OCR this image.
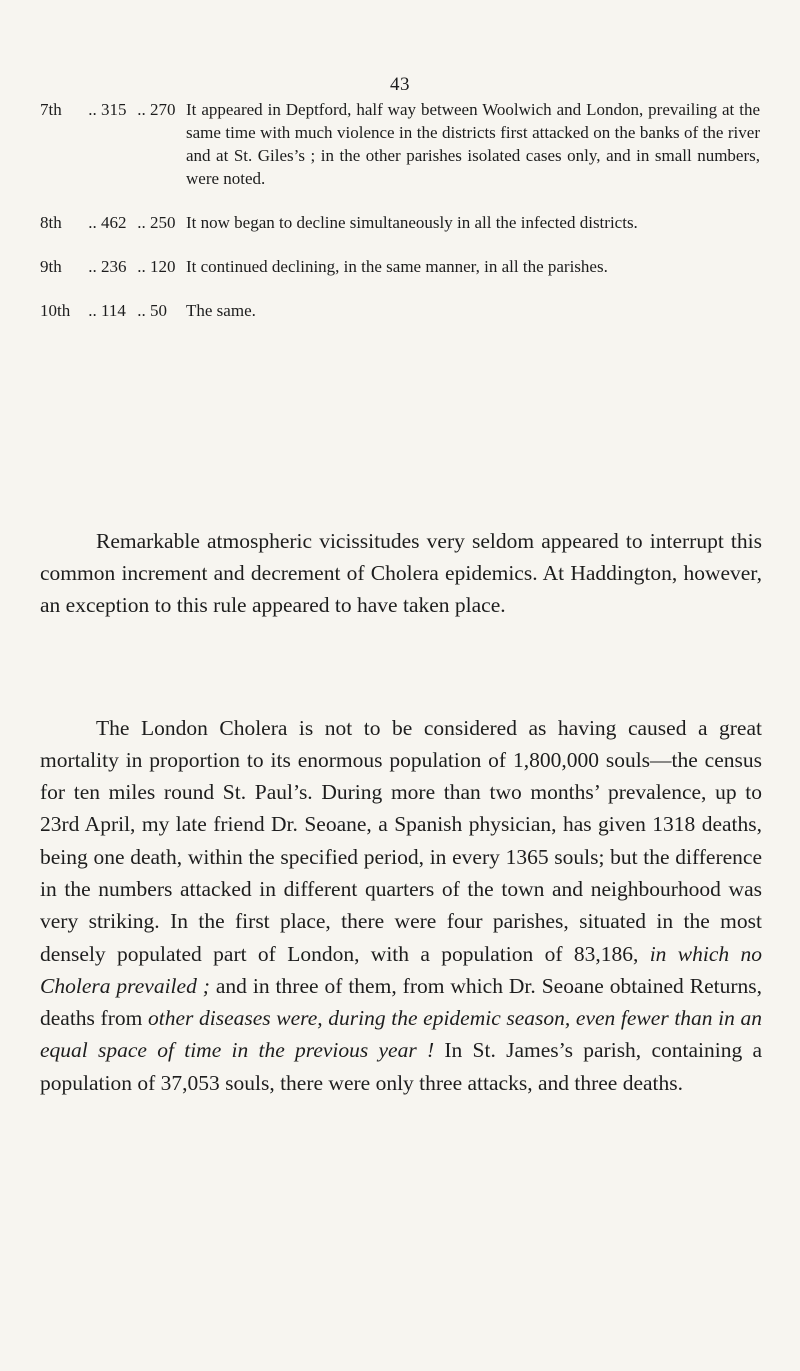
43
7th	.. 315 .. 270 It appeared in Deptford, half way between Woolwich and London, prevailing at the same time with much violence in the districts first attacked on the banks of the river and at St. Giles’s ; in the other parishes isolated cases only, and in small numbers, were noted.
8th	.. 462 .. 250 It now began to decline simultaneously in all the infected districts.
9th	.. 236 .. 120 It continued declining, in the same manner, in all the parishes.
10th .. 114 .. 50	The same.

Remarkable atmospheric vicissitudes very seldom appeared to interrupt this common increment and decrement of Cholera epidemics. At Haddington, however, an exception to this rule appeared to have taken place.

The London Cholera is not to be considered as having caused a great mortality in proportion to its enormous population of 1,800,000 souls—the census for ten miles round St. Paul’s. During more than two months’ prevalence, up to 23rd April, my late friend Dr. Seoane, a Spanish physician, has given 1318 deaths, being one death, within the specified period, in every 1365 souls; but the difference in the numbers attacked in different quarters of the town and neighbourhood was very striking. In the first place, there were four parishes, situated in the most densely populated part of London, with a population of 83,186, in which no Cholera prevailed ; and in three of them, from which Dr. Seoane obtained Returns, deaths from other diseases were, during the epidemic season, even fewer than in an equal space of time in the previous year ! In St. James’s parish, containing a population of 37,053 souls, there were only three attacks, and three deaths.
